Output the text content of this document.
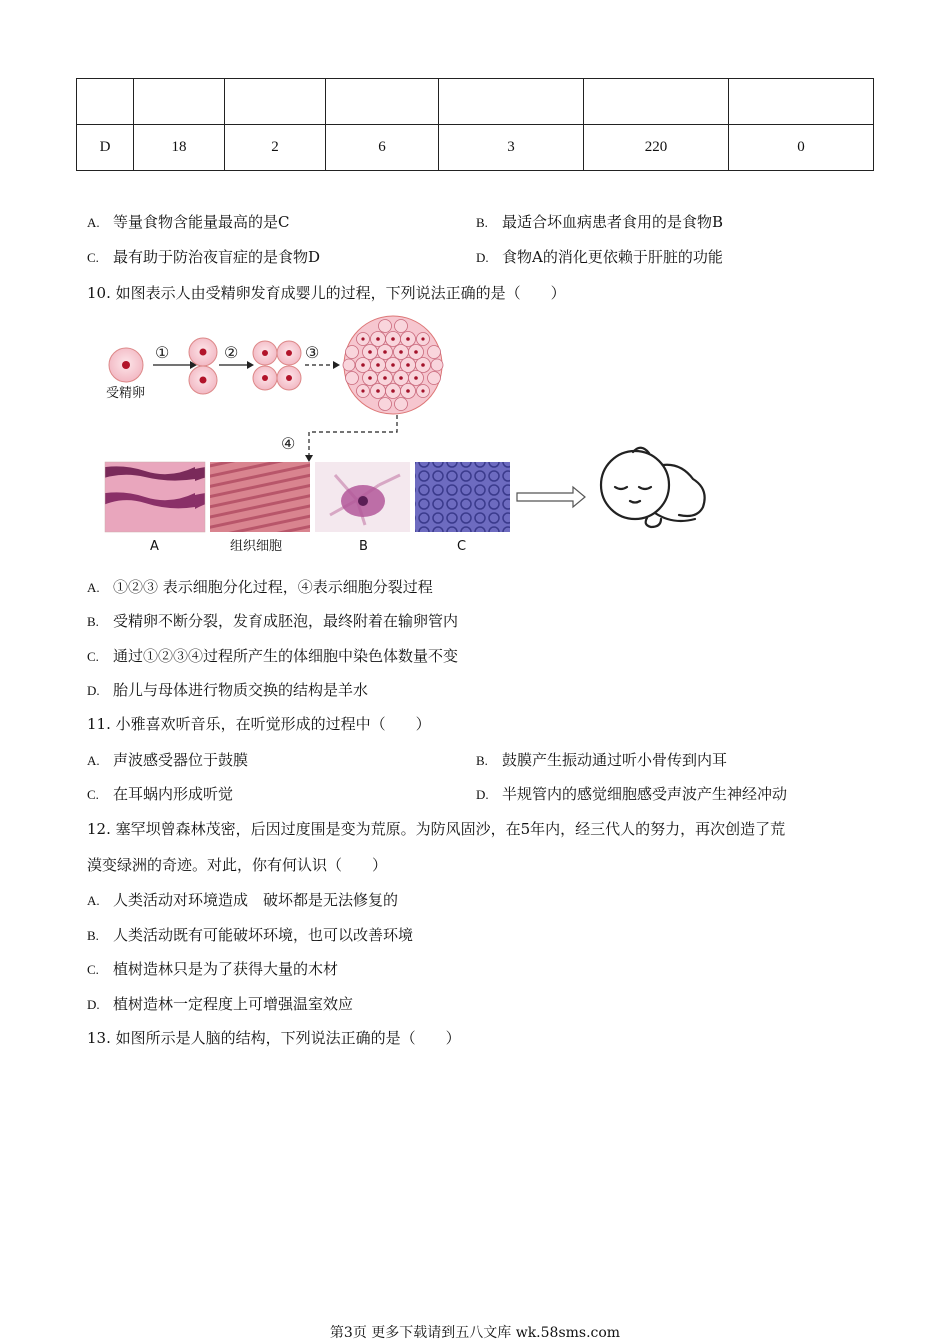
D	18	2	6	3	220	0
A. 等量食物含能量最高的是C	B. 最适合坏血病患者食用的是食物B
C. 最有助于防治夜盲症的是食物D	D. 食物A的消化更依赖于肝脏的功能
10. 如图表示人由受精卵发育成婴儿的过程，下列说法正确的是（　　）
受精卵
①	②	③
④
A	组织细胞	B	C
A. ①②③ 表示细胞分化过程，④表示细胞分裂过程
B. 受精卵不断分裂，发育成胚泡，最终附着在输卵管内
C. 通过①②③④过程所产生的体细胞中染色体数量不变
D. 胎儿与母体进行物质交换的结构是羊水
11. 小雅喜欢听音乐，在听觉形成的过程中（　　）
A. 声波感受器位于鼓膜	B. 鼓膜产生振动通过听小骨传到内耳
C. 在耳蜗内形成听觉	D. 半规管内的感觉细胞感受声波产生神经冲动
12. 塞罕坝曾森林茂密，后因过度围是变为荒原。为防风固沙，在5年内，经三代人的努力，再次创造了荒
漠变绿洲的奇迹。对此，你有何认识（　　）
A. 人类活动对环境造成　破坏都是无法修复的
B. 人类活动既有可能破坏环境，也可以改善环境
C. 植树造林只是为了获得大量的木材
D. 植树造林一定程度上可增强温室效应
13. 如图所示是人脑的结构，下列说法正确的是（　　）
第3页 更多下载请到五八文库 wk.58sms.com
